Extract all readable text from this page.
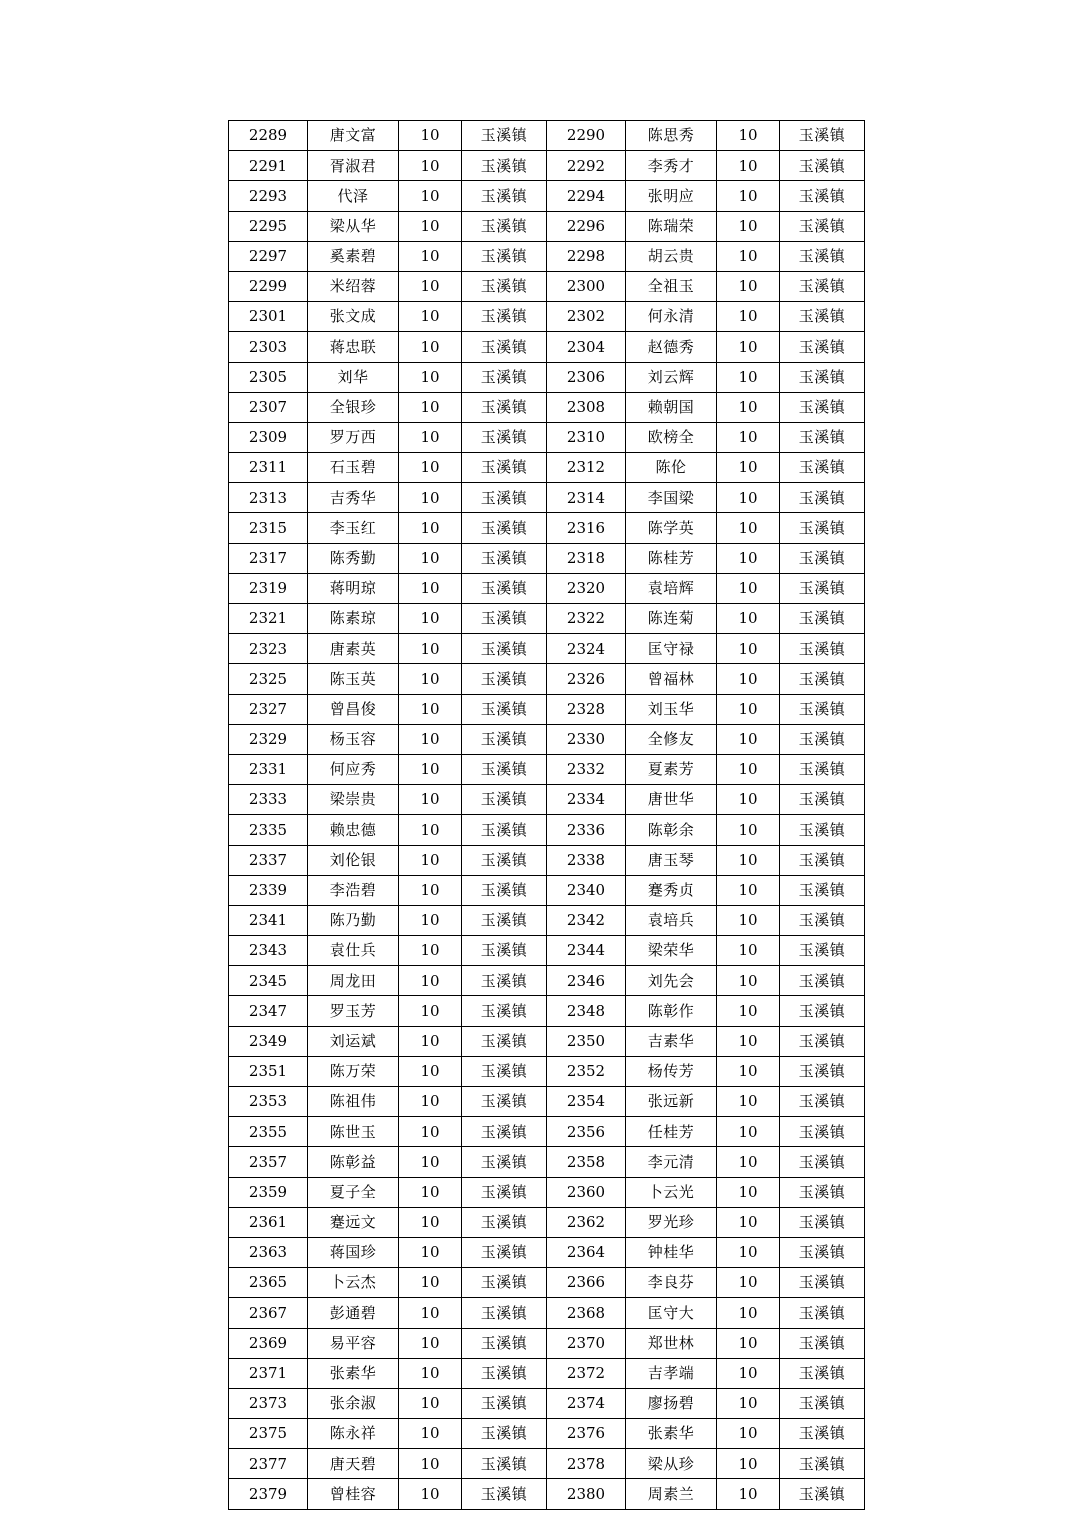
2289	唐文富	10	玉溪镇	2290	陈思秀	10	玉溪镇
2291	胥淑君	10	玉溪镇	2292	李秀才	10	玉溪镇
2293	代泽	10	玉溪镇	2294	张明应	10	玉溪镇
2295	梁从华	10	玉溪镇	2296	陈瑞荣	10	玉溪镇
2297	奚素碧	10	玉溪镇	2298	胡云贵	10	玉溪镇
2299	米绍蓉	10	玉溪镇	2300	全祖玉	10	玉溪镇
2301	张文成	10	玉溪镇	2302	何永清	10	玉溪镇
2303	蒋忠联	10	玉溪镇	2304	赵德秀	10	玉溪镇
2305	刘华	10	玉溪镇	2306	刘云辉	10	玉溪镇
2307	全银珍	10	玉溪镇	2308	赖朝国	10	玉溪镇
2309	罗万西	10	玉溪镇	2310	欧榜全	10	玉溪镇
2311	石玉碧	10	玉溪镇	2312	陈伦	10	玉溪镇
2313	吉秀华	10	玉溪镇	2314	李国梁	10	玉溪镇
2315	李玉红	10	玉溪镇	2316	陈学英	10	玉溪镇
2317	陈秀勤	10	玉溪镇	2318	陈桂芳	10	玉溪镇
2319	蒋明琼	10	玉溪镇	2320	袁培辉	10	玉溪镇
2321	陈素琼	10	玉溪镇	2322	陈连菊	10	玉溪镇
2323	唐素英	10	玉溪镇	2324	匡守禄	10	玉溪镇
2325	陈玉英	10	玉溪镇	2326	曾福林	10	玉溪镇
2327	曾昌俊	10	玉溪镇	2328	刘玉华	10	玉溪镇
2329	杨玉容	10	玉溪镇	2330	全修友	10	玉溪镇
2331	何应秀	10	玉溪镇	2332	夏素芳	10	玉溪镇
2333	梁崇贵	10	玉溪镇	2334	唐世华	10	玉溪镇
2335	赖忠德	10	玉溪镇	2336	陈彰余	10	玉溪镇
2337	刘伦银	10	玉溪镇	2338	唐玉琴	10	玉溪镇
2339	李浩碧	10	玉溪镇	2340	蹇秀贞	10	玉溪镇
2341	陈乃勤	10	玉溪镇	2342	袁培兵	10	玉溪镇
2343	袁仕兵	10	玉溪镇	2344	梁荣华	10	玉溪镇
2345	周龙田	10	玉溪镇	2346	刘先会	10	玉溪镇
2347	罗玉芳	10	玉溪镇	2348	陈彰作	10	玉溪镇
2349	刘运斌	10	玉溪镇	2350	吉素华	10	玉溪镇
2351	陈万荣	10	玉溪镇	2352	杨传芳	10	玉溪镇
2353	陈祖伟	10	玉溪镇	2354	张远新	10	玉溪镇
2355	陈世玉	10	玉溪镇	2356	任桂芳	10	玉溪镇
2357	陈彰益	10	玉溪镇	2358	李元清	10	玉溪镇
2359	夏子全	10	玉溪镇	2360	卜云光	10	玉溪镇
2361	蹇远文	10	玉溪镇	2362	罗光珍	10	玉溪镇
2363	蒋国珍	10	玉溪镇	2364	钟桂华	10	玉溪镇
2365	卜云杰	10	玉溪镇	2366	李良芬	10	玉溪镇
2367	彭通碧	10	玉溪镇	2368	匡守大	10	玉溪镇
2369	易平容	10	玉溪镇	2370	郑世林	10	玉溪镇
2371	张素华	10	玉溪镇	2372	吉孝端	10	玉溪镇
2373	张余淑	10	玉溪镇	2374	廖扬碧	10	玉溪镇
2375	陈永祥	10	玉溪镇	2376	张素华	10	玉溪镇
2377	唐天碧	10	玉溪镇	2378	梁从珍	10	玉溪镇
2379	曾桂容	10	玉溪镇	2380	周素兰	10	玉溪镇
